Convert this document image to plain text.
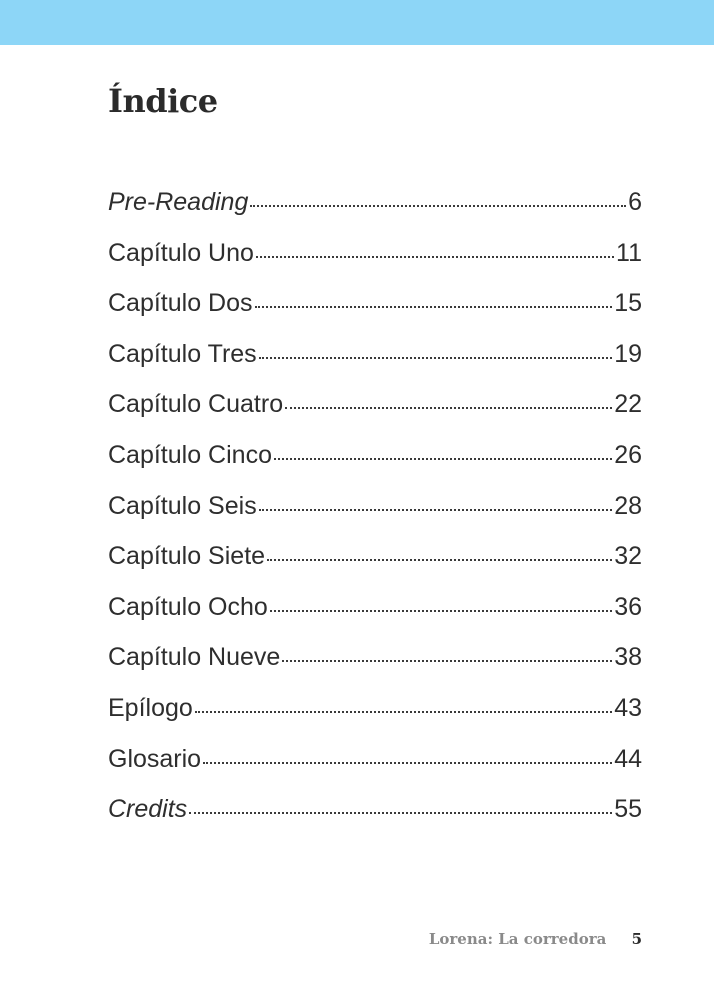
Índice
Pre-Reading	6
Capítulo Uno	11
Capítulo Dos	15
Capítulo Tres	19
Capítulo Cuatro	22
Capítulo Cinco	26
Capítulo Seis	28
Capítulo Siete	32
Capítulo Ocho	36
Capítulo Nueve	38
Epílogo	43
Glosario	44
Credits	55
Lorena: La corredora 5
